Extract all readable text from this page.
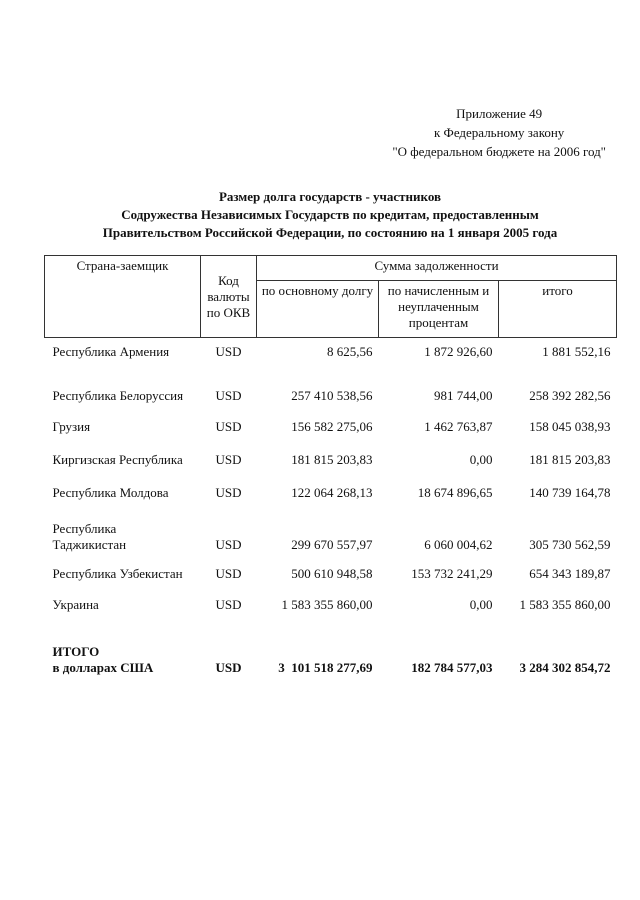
Приложение 49
к Федеральному закону
"О федеральном бюджете на 2006 год"
Размер долга государств - участников
Содружества Независимых Государств по кредитам, предоставленным
Правительством Российской Федерации, по состоянию на 1 января 2005 года
Страна-заемщик	Код валюты по ОКВ	Сумма задолженности		
		по основному долгу	по начисленным и неуплаченным процентам	итого
Республика Армения	USD	8 625,56	1 872 926,60	1 881 552,16
Республика Белоруссия	USD	257 410 538,56	981 744,00	258 392 282,56
Грузия	USD	156 582 275,06	1 462 763,87	158 045 038,93
Киргизская Республика	USD	181 815 203,83	0,00	181 815 203,83
Республика Молдова	USD	122 064 268,13	18 674 896,65	140 739 164,78

Республика
Таджикистан	USD	299 670 557,97	6 060 004,62	305 730 562,59
Республика Узбекистан	USD	500 610 948,58	153 732 241,29	654 343 189,87
Украина	USD	1 583 355 860,00	0,00	1 583 355 860,00

ИТОГО
в долларах США	USD	3  101 518 277,69	182 784 577,03	3 284 302 854,72
